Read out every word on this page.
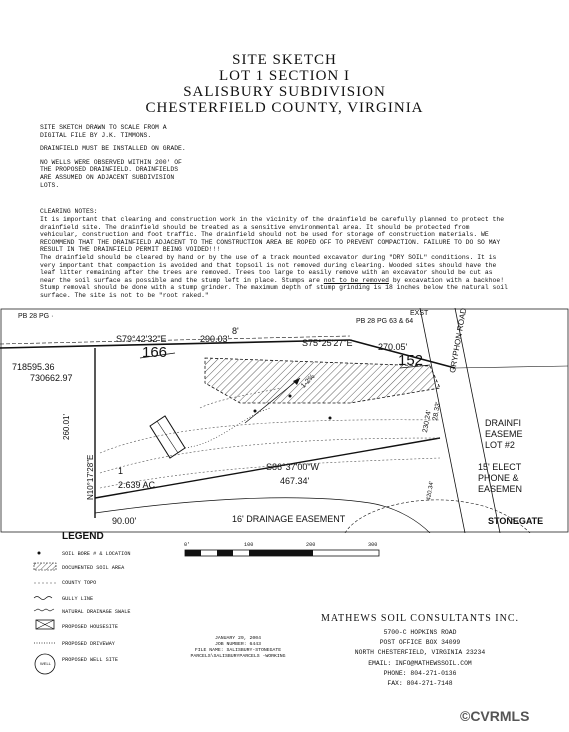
SITE SKETCH
LOT 1 SECTION I
SALISBURY SUBDIVISION
CHESTERFIELD COUNTY, VIRGINIA
SITE SKETCH DRAWN TO SCALE FROM A
DIGITAL FILE BY J.K. TIMMONS.
DRAINFIELD MUST BE INSTALLED ON GRADE.
NO WELLS WERE OBSERVED WITHIN 200' OF
THE PROPOSED DRAINFIELD. DRAINFIELDS
ARE ASSUMED ON ADJACENT SUBDIVISION
LOTS.
CLEARING NOTES:
It is important that clearing and construction work in the vicinity of the drainfield be carefully planned to protect the drainfield site. The drainfield should be treated as a sensitive environmental area. It should be protected from vehicular, construction and foot traffic. The drainfield should not be used for storage of construction materials. WE RECOMMEND THAT THE DRAINFIELD ADJACENT TO THE CONSTRUCTION AREA BE ROPED OFF TO PREVENT COMPACTION. FAILURE TO DO SO MAY RESULT IN THE DRAINFIELD PERMIT BEING VOIDED!!!
The drainfield should be cleared by hand or by the use of a track mounted excavator during "DRY SOIL" conditions. It is very important that compaction is avoided and that topsoil is not removed during clearing. Wooded sites should have the leaf litter remaining after the trees are removed. Trees too large to easily remove with an excavator should be cut as near the soil surface as possible and the stump left in place. Stumps are not to be removed by excavation with a backhoe! Stump removal should be done with a stump grinder. The maximum depth of stump grinding is 18 inches below the natural soil surface. The site is not to be "root raked."
PB 28 PG ·
S79°42'32"E	290.03'
8'
166
718595.36
730662.97
PB 28 PG 63 & 64
EXST
S75°25'27"E	270.05'
152	GRYPHON ROAD
230.24' 28.33'
1-2%
N10°17'28"E
260.01'
1
2.639 AC.
S86°37'00"W
467.34'
90.00'	16' DRAINAGE EASEMENT
DRAINFI
EASEME
LOT #2
15' ELECT
PHONE &
EASEMEN
STONEGATE
420.34'
LEGEND
WELL
SOIL BORE # & LOCATION
DOCUMENTED SOIL AREA
COUNTY TOPO
GULLY LINE
NATURAL DRAINAGE SWALE
PROPOSED HOUSESITE
PROPOSED DRIVEWAY
PROPOSED WELL SITE
0'	100	200	300
JANUARY 29, 2004
JOB NUMBER: 6443
FILE NAME: SALISBURY-STONEGATE
PARCELS\SALISBURYPARCELS -WORKING
MATHEWS SOIL CONSULTANTS INC.
5700-C HOPKINS ROAD
POST OFFICE BOX 34099
NORTH CHESTERFIELD, VIRGINIA 23234
EMAIL: INFO@MATHEWSSOIL.COM
PHONE: 804-271-0136
FAX: 804-271-7148
©CVRMLS
